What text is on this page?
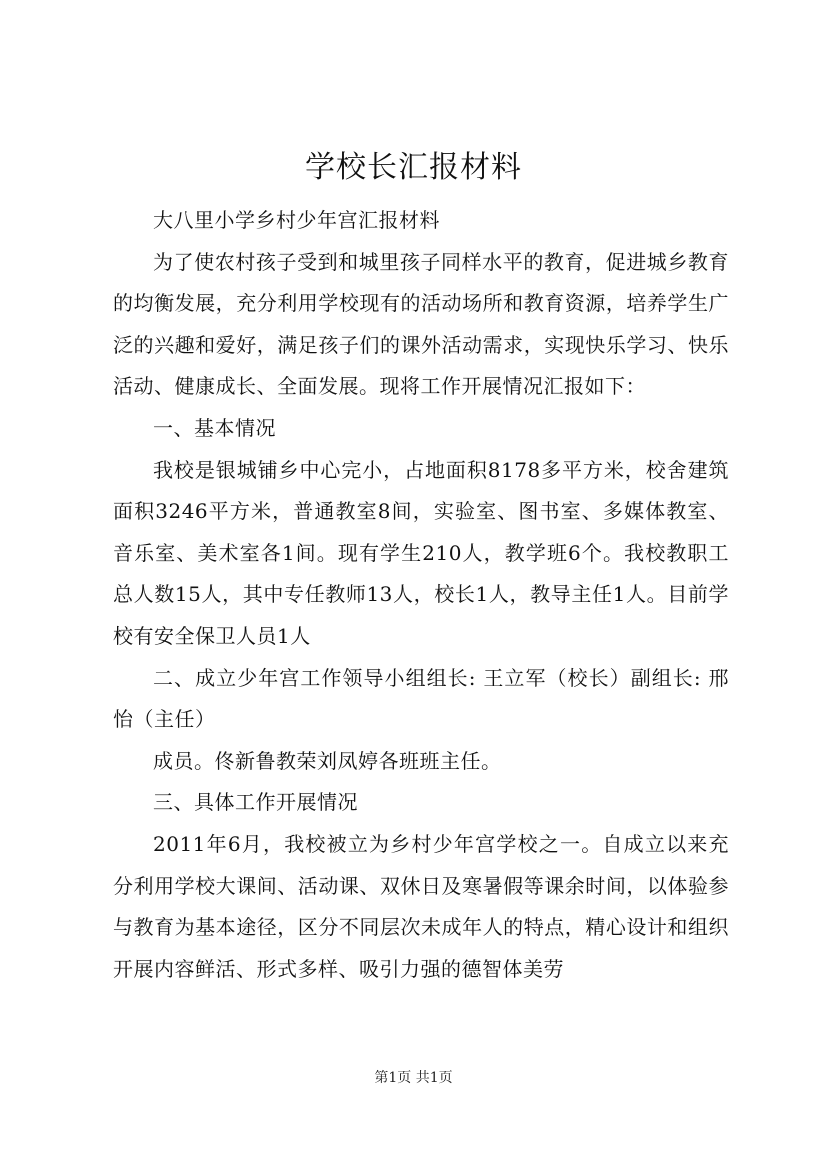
学校长汇报材料

大八里小学乡村少年宫汇报材料

为了使农村孩子受到和城里孩子同样水平的教育，促进城乡教育的均衡发展，充分利用学校现有的活动场所和教育资源，培养学生广泛的兴趣和爱好，满足孩子们的课外活动需求，实现快乐学习、快乐活动、健康成长、全面发展。现将工作开展情况汇报如下：

一、基本情况

我校是银城铺乡中心完小，占地面积8178多平方米，校舍建筑面积3246平方米，普通教室8间，实验室、图书室、多媒体教室、音乐室、美术室各1间。现有学生210人，教学班6个。我校教职工总人数15人，其中专任教师13人，校长1人，教导主任1人。目前学校有安全保卫人员1人

二、成立少年宫工作领导小组组长: 王立军（校长）副组长: 邢怡（主任）

成员。佟新鲁教荣刘凤婷各班班主任。

三、具体工作开展情况

2011年6月，我校被立为乡村少年宫学校之一。自成立以来充分利用学校大课间、活动课、双休日及寒暑假等课余时间，以体验参与教育为基本途径，区分不同层次未成年人的特点，精心设计和组织开展内容鲜活、形式多样、吸引力强的德智体美劳

第1页 共1页
